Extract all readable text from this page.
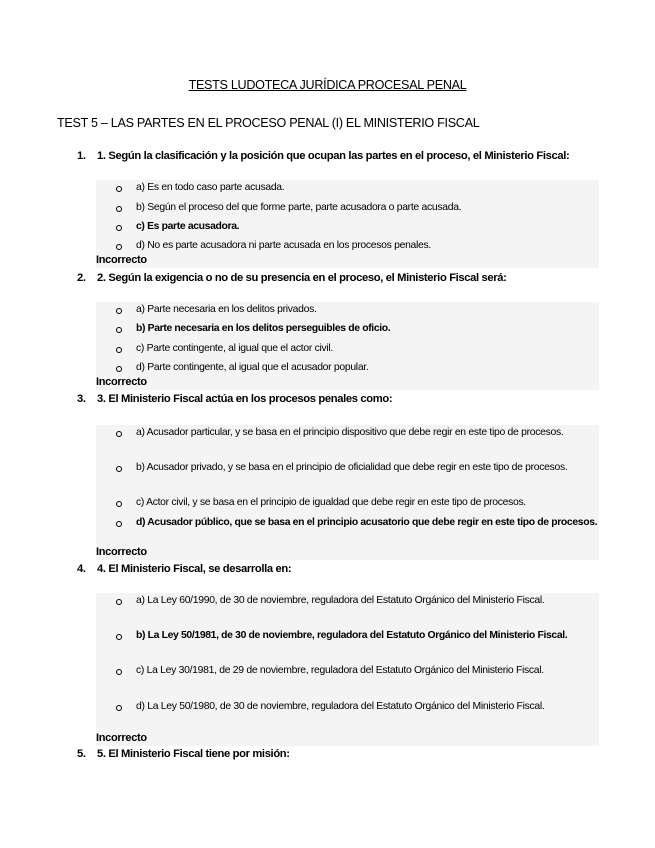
TESTS LUDOTECA JURÍDICA PROCESAL PENAL
TEST 5 – LAS PARTES EN EL PROCESO PENAL (I) EL MINISTERIO FISCAL
1. 1. Según la clasificación y la posición que ocupan las partes en el proceso, el Ministerio Fiscal:
a) Es en todo caso parte acusada.
b) Según el proceso del que forme parte, parte acusadora o parte acusada.
c) Es parte acusadora.
d) No es parte acusadora ni parte acusada en los procesos penales.
Incorrecto
2. 2. Según la exigencia o no de su presencia en el proceso, el Ministerio Fiscal será:
a) Parte necesaria en los delitos privados.
b) Parte necesaria en los delitos perseguibles de oficio.
c) Parte contingente, al igual que el actor civil.
d) Parte contingente, al igual que el acusador popular.
Incorrecto
3. 3. El Ministerio Fiscal actúa en los procesos penales como:
a) Acusador particular, y se basa en el principio dispositivo que debe regir en este tipo de procesos.
b) Acusador privado, y se basa en el principio de oficialidad que debe regir en este tipo de procesos.
c) Actor civil, y se basa en el principio de igualdad que debe regir en este tipo de procesos.
d) Acusador público, que se basa en el principio acusatorio que debe regir en este tipo de procesos.
Incorrecto
4. 4. El Ministerio Fiscal, se desarrolla en:
a) La Ley 60/1990, de 30 de noviembre, reguladora del Estatuto Orgánico del Ministerio Fiscal.
b) La Ley 50/1981, de 30 de noviembre, reguladora del Estatuto Orgánico del Ministerio Fiscal.
c) La Ley 30/1981, de 29 de noviembre, reguladora del Estatuto Orgánico del Ministerio Fiscal.
d) La Ley 50/1980, de 30 de noviembre, reguladora del Estatuto Orgánico del Ministerio Fiscal.
Incorrecto
5. 5. El Ministerio Fiscal tiene por misión:
